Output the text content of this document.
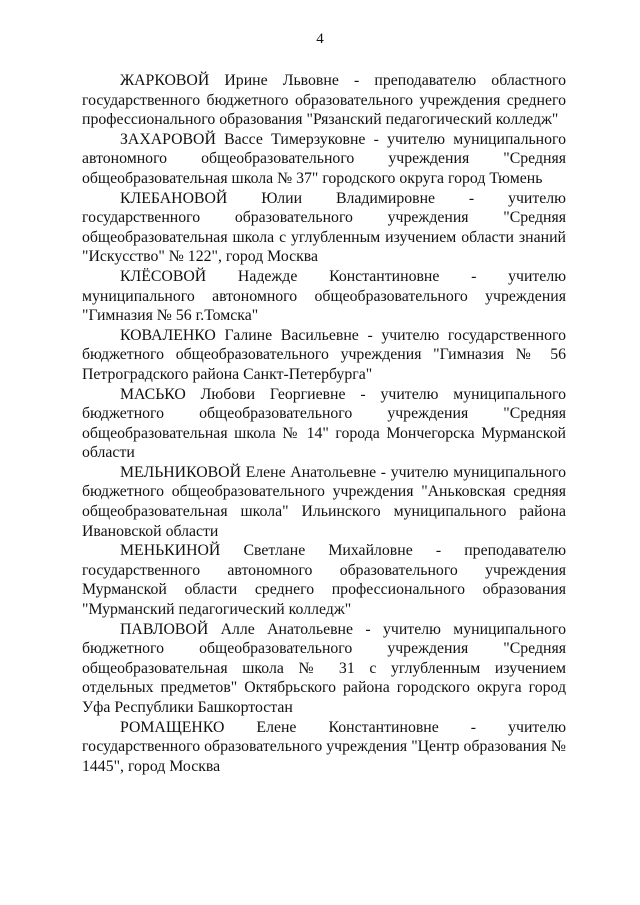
4

ЖАРКОВОЙ Ирине Львовне - преподавателю областного государственного бюджетного образовательного учреждения среднего профессионального образования "Рязанский педагогический колледж"

ЗАХАРОВОЙ Вассе Тимерзуковне - учителю муниципального автономного общеобразовательного учреждения "Средняя общеобразовательная школа № 37" городского округа город Тюмень

КЛЕБАНОВОЙ Юлии Владимировне - учителю государственного образовательного учреждения "Средняя общеобразовательная школа с углубленным изучением области знаний "Искусство" № 122", город Москва

КЛЁСОВОЙ Надежде Константиновне - учителю муниципального автономного общеобразовательного учреждения "Гимназия № 56 г.Томска"

КОВАЛЕНКО Галине Васильевне - учителю государственного бюджетного общеобразовательного учреждения "Гимназия № 56 Петроградского района Санкт-Петербурга"

МАСЬКО Любови Георгиевне - учителю муниципального бюджетного общеобразовательного учреждения "Средняя общеобразовательная школа № 14" города Мончегорска Мурманской области

МЕЛЬНИКОВОЙ Елене Анатольевне - учителю муниципального бюджетного общеобразовательного учреждения "Аньковская средняя общеобразовательная школа" Ильинского муниципального района Ивановской области

МЕНЬКИНОЙ Светлане Михайловне - преподавателю государственного автономного образовательного учреждения Мурманской области среднего профессионального образования "Мурманский педагогический колледж"

ПАВЛОВОЙ Алле Анатольевне - учителю муниципального бюджетного общеобразовательного учреждения "Средняя общеобразовательная школа № 31 с углубленным изучением отдельных предметов" Октябрьского района городского округа город Уфа Республики Башкортостан

РОМАЩЕНКО Елене Константиновне - учителю государственного образовательного учреждения "Центр образования № 1445", город Москва
